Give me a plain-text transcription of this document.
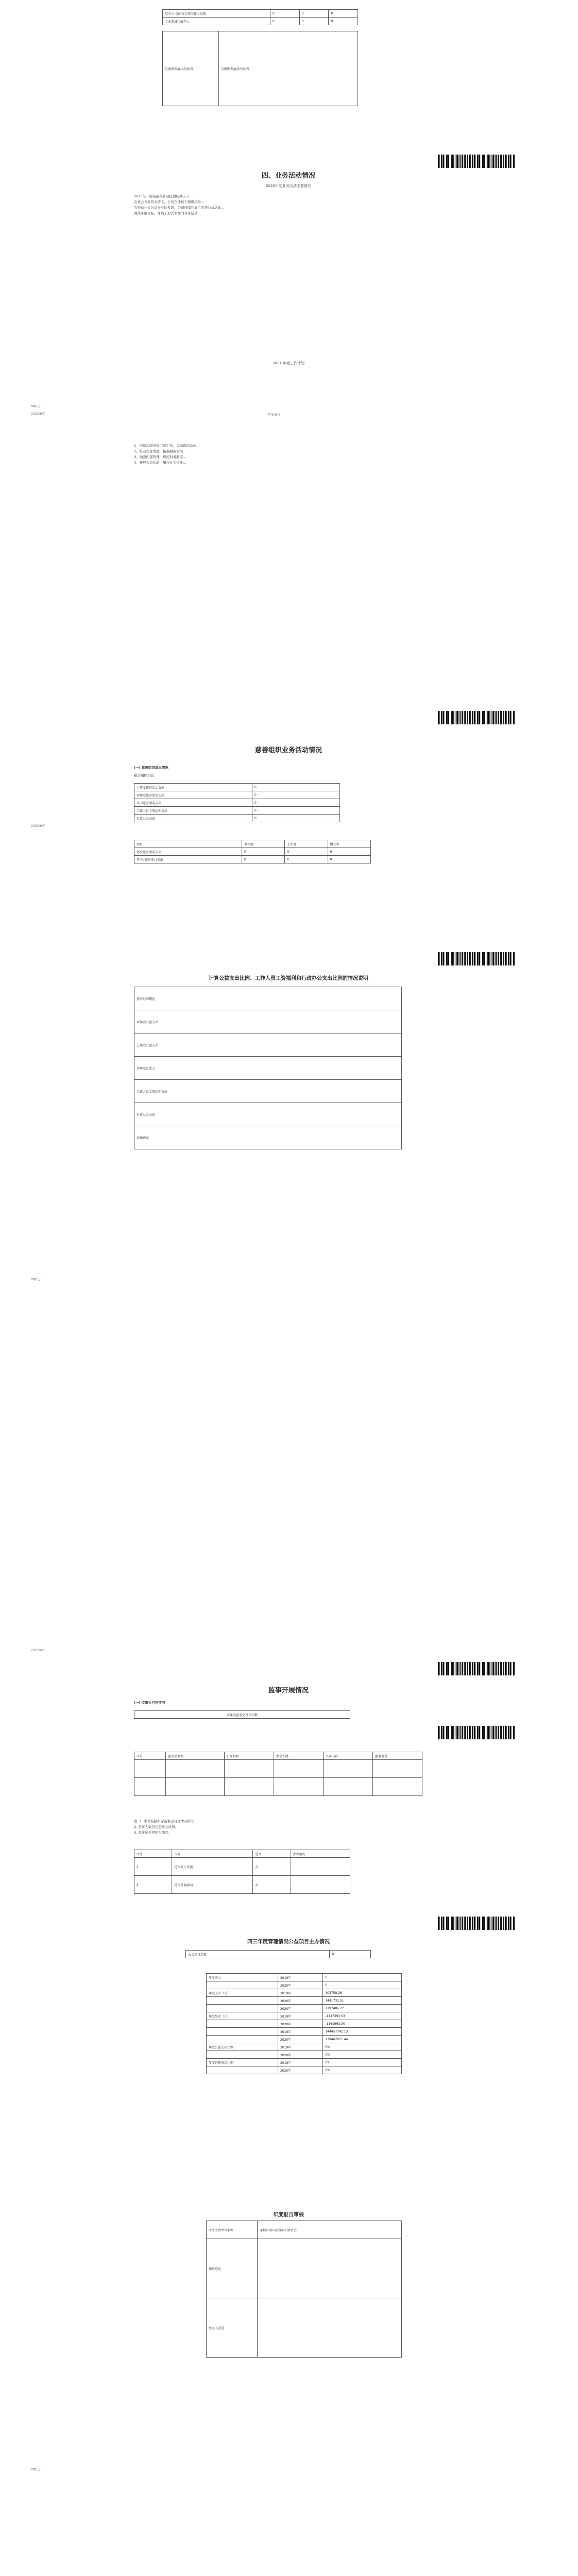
其中:社会团体专职工作人员数	0	0	0
专业领域代表性人	0	0	0
互联网发展状况说明	互联网发展状况说明
四、业务活动情况
2020年度业务活动主要情况
2020年，蘑菇街在新冠疫情的冲击下，...
在社会各界的支持下，公司全体员工积极投身...
为推动社会公益事业的发展，公司持续开展了多项公益活动...
围绕年度目标，开展了形式多样的业务活动...
2021 年度工作计划
http://...
2021/6/7	年度报告
1、继续加强党建引领工作，提高政治站位...
2、推动业务发展，拓展服务领域...
3、加强内部管理，规范财务制度...
4、开展公益活动，履行社会责任...
慈善组织业务活动情况
(一) 慈善组织基本情况
慈善组织信息
上年度慈善活动支出	0
本年度慈善活动支出	0
其中慈善活动支出	0
工作人员工资福利支出	0
行政办公支出	0
2021/6/7
项目	本年度	上年度	增长率
年度慈善活动支出	0	0	0
其中: 慈善项目支出	0	0	0
计算公益支出比例、工作人员工资福利和行政办公支出比例的情况说明
慈善组织概述
本年度公益支出
上年度公益支出
本年度总收入
工作人员工资福利支出
行政办公支出
管理费用
http://...
2021/6/7
监事开展情况
(一) 监事会召开情况
本年度监事会召开次数
序号	监事会名称	召开时间	参会人数	主要内容	监事意见

注: 1. 本表按照实际监事会召开情况填写。
2. 监事人数包括监事会成员。
3. 监事意见须如实填写。
序号	内容	是否	办理情况
1	是否发生变更	否	
2	是否开展活动	否	
四三年度管理情况公益项目主办情况
公益项目总数	0
年度收入	2019年	0
	2020年	0
年度支出（元）	2019年	103758.26
	2020年	1441732.51
	2020年	2197486.27
年度结余（元）	2019年	-1117393.93
	2020年	-1161963.30
	2019年	144457342.13
	2020年	138462021.44
年度公益支出比例	2019年	0%
	2020年	0%
年度管理费用比例	2019年	0%
	2020年	0%
年度报告审核
业务主管单位名称	深圳市南山区残疾人联合会
初审意见	
经办人意见	
http://...
